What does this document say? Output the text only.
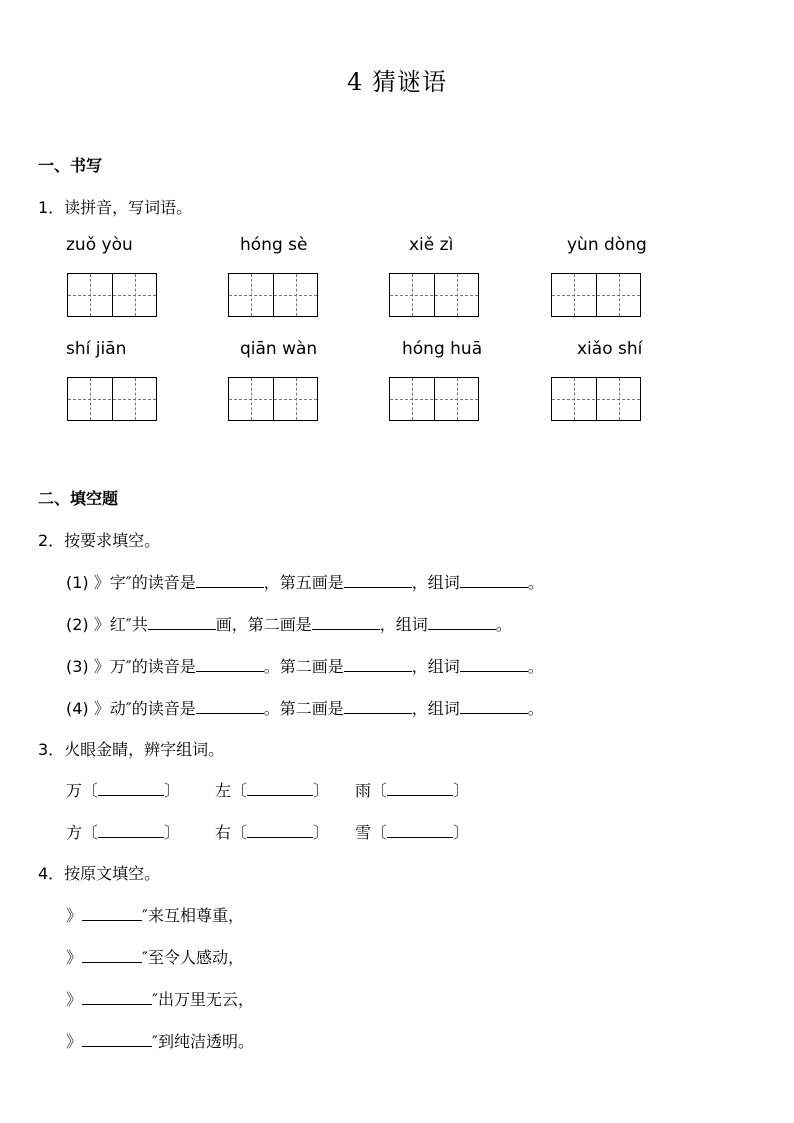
4 猜谜语
一、书写
1．读拼音，写词语。
zuǒ yòu	hóng sè	xiě zì	yùn dòng
shí jiān	qiān wàn	hóng huā	xiǎo shí
二、填空题
2．按要求填空。
(1) 》字″的读音是	，第五画是	，组词	。
(2) 》红″共	画，第二画是	，组词	。
(3) 》万″的读音是	。第二画是	，组词	。
(4) 》动″的读音是	。第二画是	，组词	。
3．火眼金睛，辨字组词。
万〔	〕 左〔	〕 雨〔	〕
方〔	〕 右〔	〕 雪〔	〕
4．按原文填空。
》	″来互相尊重，
》	″至令人感动，
》	″出万里无云，
》	″到纯洁透明。
